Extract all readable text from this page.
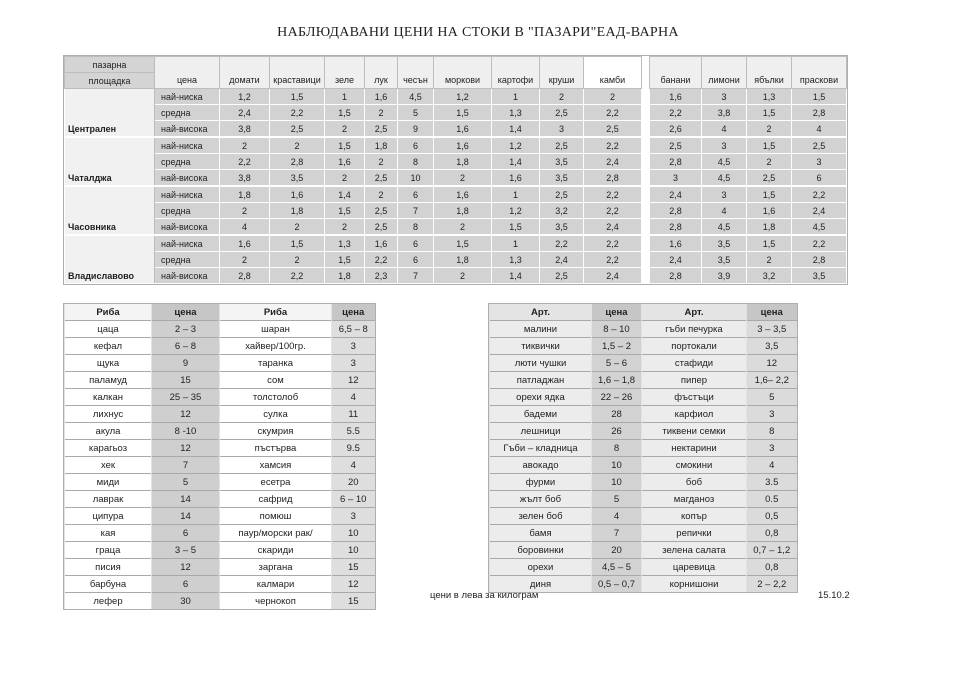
НАБЛЮДАВАНИ ЦЕНИ НА СТОКИ В "ПАЗАРИ"ЕАД-ВАРНА
пазарна	цена	домати	краставици	зеле	лук	чесън	моркови	картофи	круши	камби		банани	лимони	ябълки	праскови
площадка															
Централен	най-ниска	1,2	1,5	1	1,6	4,5	1,2	1	2	2		1,6	3	1,3	1,5
	средна	2,4	2,2	1,5	2	5	1,5	1,3	2,5	2,2		2,2	3,8	1,5	2,8
	най-висока	3,8	2,5	2	2,5	9	1,6	1,4	3	2,5		2,6	4	2	4
Чаталджа	най-ниска	2	2	1,5	1,8	6	1,6	1,2	2,5	2,2		2,5	3	1,5	2,5
	средна	2,2	2,8	1,6	2	8	1,8	1,4	3,5	2,4		2,8	4,5	2	3
	най-висока	3,8	3,5	2	2,5	10	2	1,6	3,5	2,8		3	4,5	2,5	6
Часовника	най-ниска	1,8	1,6	1,4	2	6	1,6	1	2,5	2,2		2,4	3	1,5	2,2
	средна	2	1,8	1,5	2,5	7	1,8	1,2	3,2	2,2		2,8	4	1,6	2,4
	най-висока	4	2	2	2,5	8	2	1,5	3,5	2,4		2,8	4,5	1,8	4,5
Владиславово	най-ниска	1,6	1,5	1,3	1,6	6	1,5	1	2,2	2,2		1,6	3,5	1,5	2,2
	средна	2	2	1,5	2,2	6	1,8	1,3	2,4	2,2		2,4	3,5	2	2,8
	най-висока	2,8	2,2	1,8	2,3	7	2	1,4	2,5	2,4		2,8	3,9	3,2	3,5
Риба	цена	Риба	цена
цаца	2 – 3	шаран	6,5 – 8
кефал	6 – 8	хайвер/100гр.	3
щука	9	таранка	3
паламуд	15	сом	12
калкан	25 – 35	толстолоб	4
лихнус	12	сулка	11
акула	8 -10	скумрия	5.5
карагьоз	12	пъстърва	9.5
хек	7	хамсия	4
миди	5	есетра	20
лаврак	14	сафрид	6 – 10
ципура	14	помюш	3
кая	6	паур/морски рак/	10
граца	3 – 5	скариди	10
писия	12	заргана	15
барбуна	6	калмари	12
лефер	30	чернокоп	15
Арт.	цена	Арт.	цена
малини	8 – 10	гъби печурка	3 – 3,5
тиквички	1,5 – 2	портокали	3,5
люти чушки	5 – 6	стафиди	12
патладжан	1,6 – 1,8	пипер	1,6– 2,2
орехи ядка	22 – 26	фъстъци	5
бадеми	28	карфиол	3
лешници	26	тиквени семки	8
Гъби – кладница	8	нектарини	3
авокадо	10	смокини	4
фурми	10	боб	3.5
жълт боб	5	магданоз	0.5
зелен боб	4	копър	0,5
бамя	7	репички	0,8
боровинки	20	зелена салата	0,7 – 1,2
орехи	4,5 – 5	царевица	0,8
диня	0,5 – 0,7	корнишони	2 – 2,2
цени в лева за килограм	15.10.2
